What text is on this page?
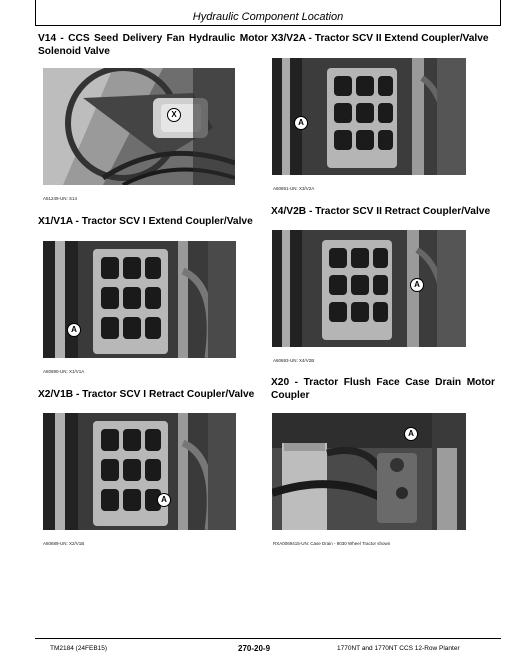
Hydraulic Component Location
V14 - CCS Seed Delivery Fan Hydraulic Motor Solenoid Valve
X
A51249-UN: S14
X3/V2A - Tractor SCV II Extend Coupler/Valve
A
A60691-UN: X3/V2A
X1/V1A - Tractor SCV I Extend Coupler/Valve
A
A60690-UN: X1/V1A
X4/V2B - Tractor SCV II Retract Coupler/Valve
A
A60693-UN: X4/V2B
X2/V1B - Tractor SCV I Retract Coupler/Valve
A
A60689-UN: X2/V1B
X20 - Tractor Flush Face Case Drain Motor Coupler
A
RXA0069415-UN: Case Drain - 9030 Wheel Tractor shown
TM2184 (24FEB15)	270-20-9	1770NT and 1770NT CCS 12-Row Planter
